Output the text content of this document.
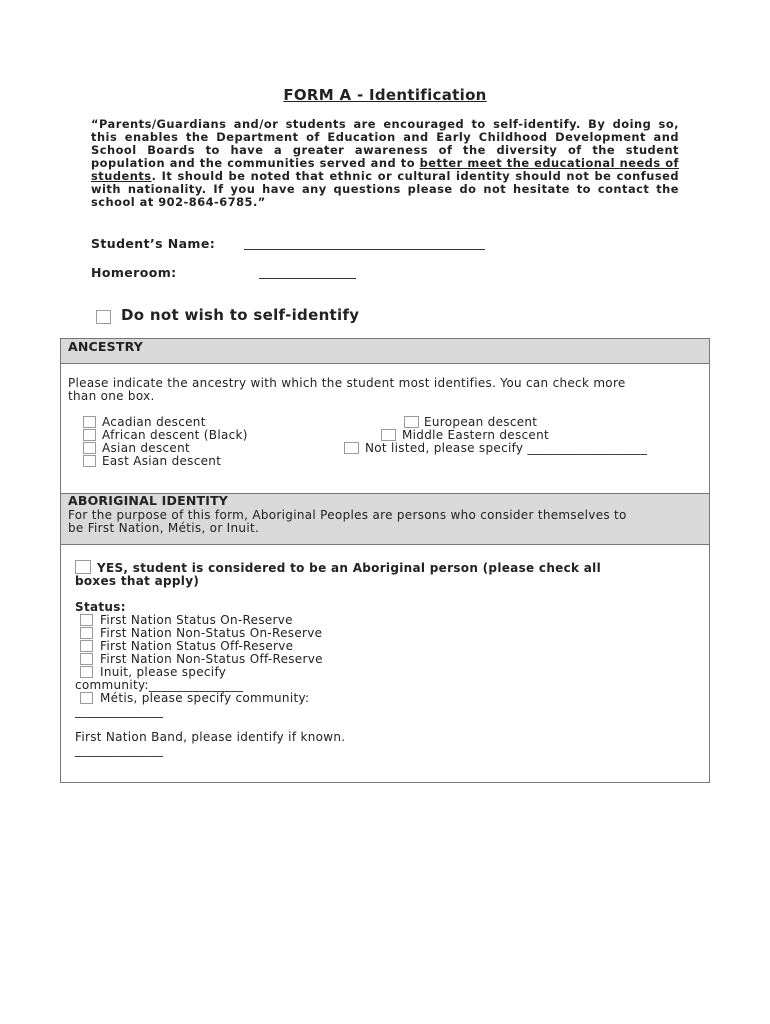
FORM A - Identification
“Parents/Guardians and/or students are encouraged to self-identify. By doing so, this enables the Department of Education and Early Childhood Development and School Boards to have a greater awareness of the diversity of the student population and the communities served and to better meet the educational needs of students. It should be noted that ethnic or cultural identity should not be confused with nationality. If you have any questions please do not hesitate to contact the school at 902-864-6785.”
Student’s Name:
Homeroom:
Do not wish to self-identify
ANCESTRY
Please indicate the ancestry with which the student most identifies. You can check more
than one box.
Acadian descent
African descent (Black)
Asian descent
East Asian descent
European descent
Middle Eastern descent
Not listed, please specify ___________________
ABORIGINAL IDENTITY
For the purpose of this form, Aboriginal Peoples are persons who consider themselves to
be First Nation, Métis, or Inuit.
YES, student is considered to be an Aboriginal person (please check all
boxes that apply)
Status:
First Nation Status On-Reserve
First Nation Non-Status On-Reserve
First Nation Status Off-Reserve
First Nation Non-Status Off-Reserve
Inuit, please specify
community:_______________
Métis, please specify community:
______________
First Nation Band, please identify if known.
______________
